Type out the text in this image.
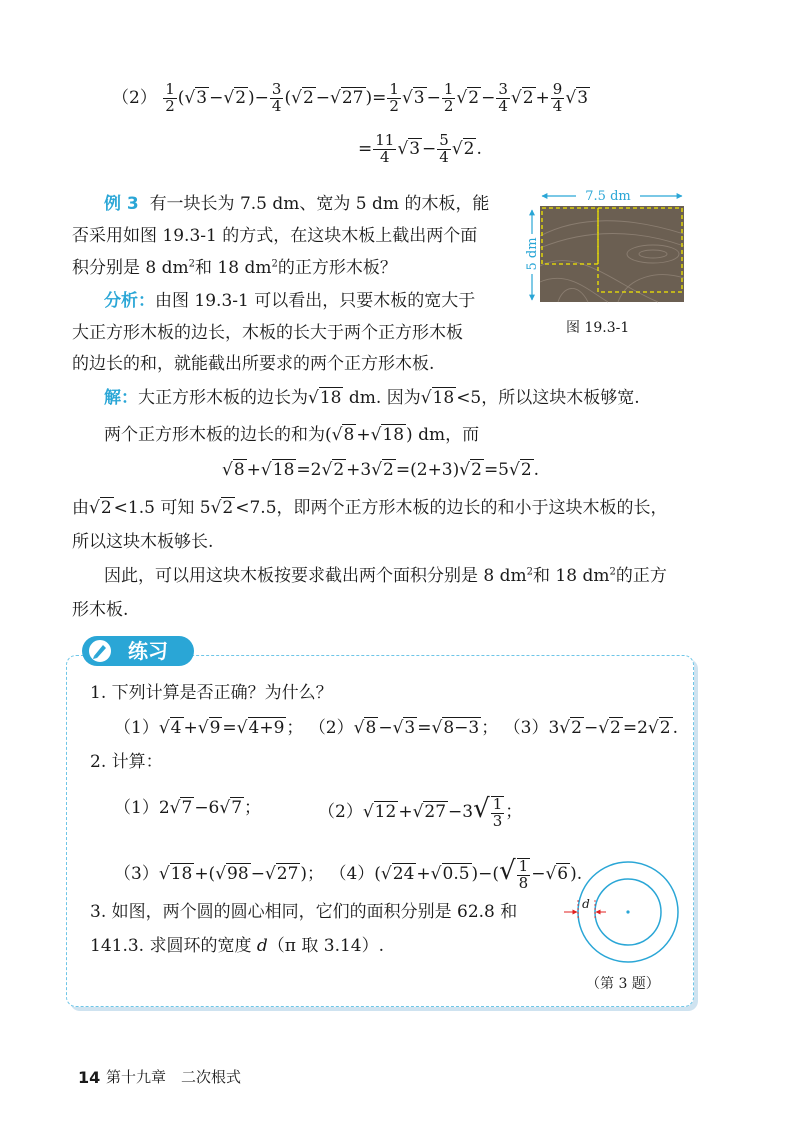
$(2) \frac{1}{2} (√3 -√2$ )− $\frac{3}{4} (√2 -√27$ )= $\frac{1}{2} √3 - \frac{1}{2} √2 - \frac{3}{4} √2 + \frac{9}{4} √3$
= $\frac{11}{4} √3 - \frac{5}{4} √2$ .
例 3 有一块长为 7.5 dm、宽为 5 dm 的木板，能
否采用如图 19.3-1 的方式，在这块木板上截出两个面
积分别是 8 $dm^2$和 18 $dm^2$的正方形木板？
分析：由图 19.3-1 可以看出，只要木板的宽大于
大正方形木板的边长，木板的长大于两个正方形木板
的边长的和，就能截出所要求的两个正方形木板.
7.5 dm
5 dm
图 19.3-1
解：大正方形木板的边长为√18 dm. 因为√18 <5，所以这块木板够宽.
两个正方形木板的边长的和为(√8 +√18 ) dm，而
√8 +√18 =2√2 +3√2 =(2+3)√2 =5√2 .
由√2 <1.5 可知 5√2 <7.5，即两个正方形木板的边长的和小于这块木板的长，
所以这块木板够长.
因此，可以用这块木板按要求截出两个面积分别是 8 $dm^2$和 18 $dm^2$的正方
形木板.
练习
1. 下列计算是否正确？为什么？
（1）√4 +√9 =√4+9 ； （2）√8 −√3 =√8−3 ； （3）3√2 −√2 =2√2 .
2. 计算：
（1）2√7 −6√7 ；	$(2)√12 +√27 -3√ \frac{1}{3}$ ；
（3）√18 +(√98 −√27 )； （4）(√24 +√0.5 )−(√ $\frac{1}{8} -√6$ ).
3. 如图，两个圆的圆心相同，它们的面积分别是 62.8 和
141.3. 求圆环的宽度 d（π 取 3.14）.
d
（第 3 题）
14 第十九章　二次根式
